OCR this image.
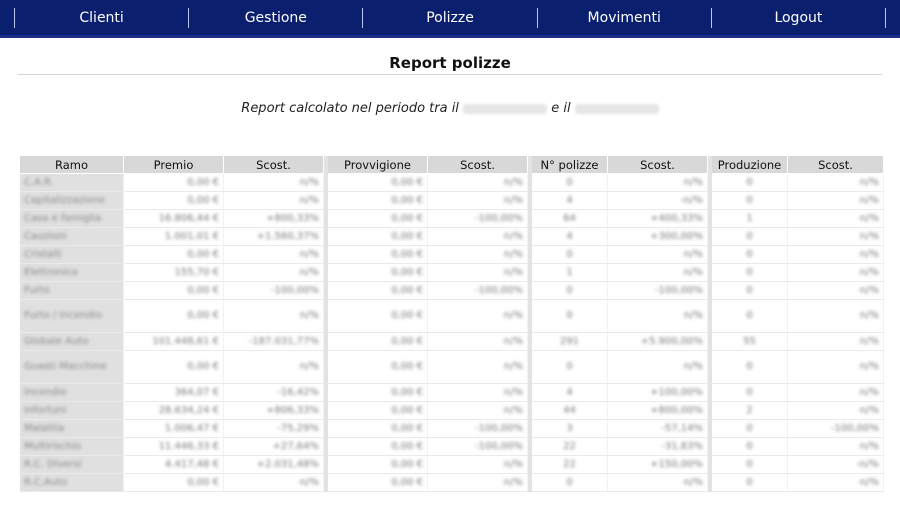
Clienti	Gestione	Polizze	Movimenti	Logout
Report polizze
Report calcolato nel periodo tra il	e il
Ramo	Premio	Scost.		Provvigione	Scost.		N° polizze	Scost.		Produzione	Scost.
C.A.R.	0,00 €	n/%		0,00 €	n/%		0	n/%		0	n/%
Capitalizzazione	0,00 €	n/%		0,00 €	n/%		4	-n/%		0	n/%
Casa e famiglia	16.806,44 €	+800,33%		0,00 €	-100,00%		64	+400,33%		1	n/%
Cauzioni	1.001,01 €	+1.560,37%		0,00 €	n/%		4	+300,00%		0	n/%
Cristalli	0,00 €	n/%		0,00 €	n/%		0	n/%		0	n/%
Elettronica	155,70 €	n/%		0,00 €	n/%		1	n/%		0	n/%
Furto	0,00 €	-100,00%		0,00 €	-100,00%		0	-100,00%		0	n/%
Furto / Incendio	0,00 €	n/%		0,00 €	n/%		0	n/%		0	n/%
Globale Auto	101.448,61 €	-187.031,77%		0,00 €	n/%		291	+5.900,00%		55	n/%
Guasti Macchine	0,00 €	n/%		0,00 €	n/%		0	n/%		0	n/%
Incendio	364,07 €	-16,42%		0,00 €	n/%		4	+100,00%		0	n/%
Infortuni	28.634,24 €	+806,33%		0,00 €	n/%		44	+800,00%		2	n/%
Malattia	1.006,47 €	-75,29%		0,00 €	-100,00%		3	-57,14%		0	-100,00%
Multirischio	11.446,33 €	+27,64%		0,00 €	-100,00%		22	-31,83%		0	n/%
R.C. Diversi	4.417,48 €	+2.031,48%		0,00 €	n/%		22	+150,00%		0	-n/%
R.C.Auto	0,00 €	n/%		0,00 €	n/%		0	n/%		0	n/%
